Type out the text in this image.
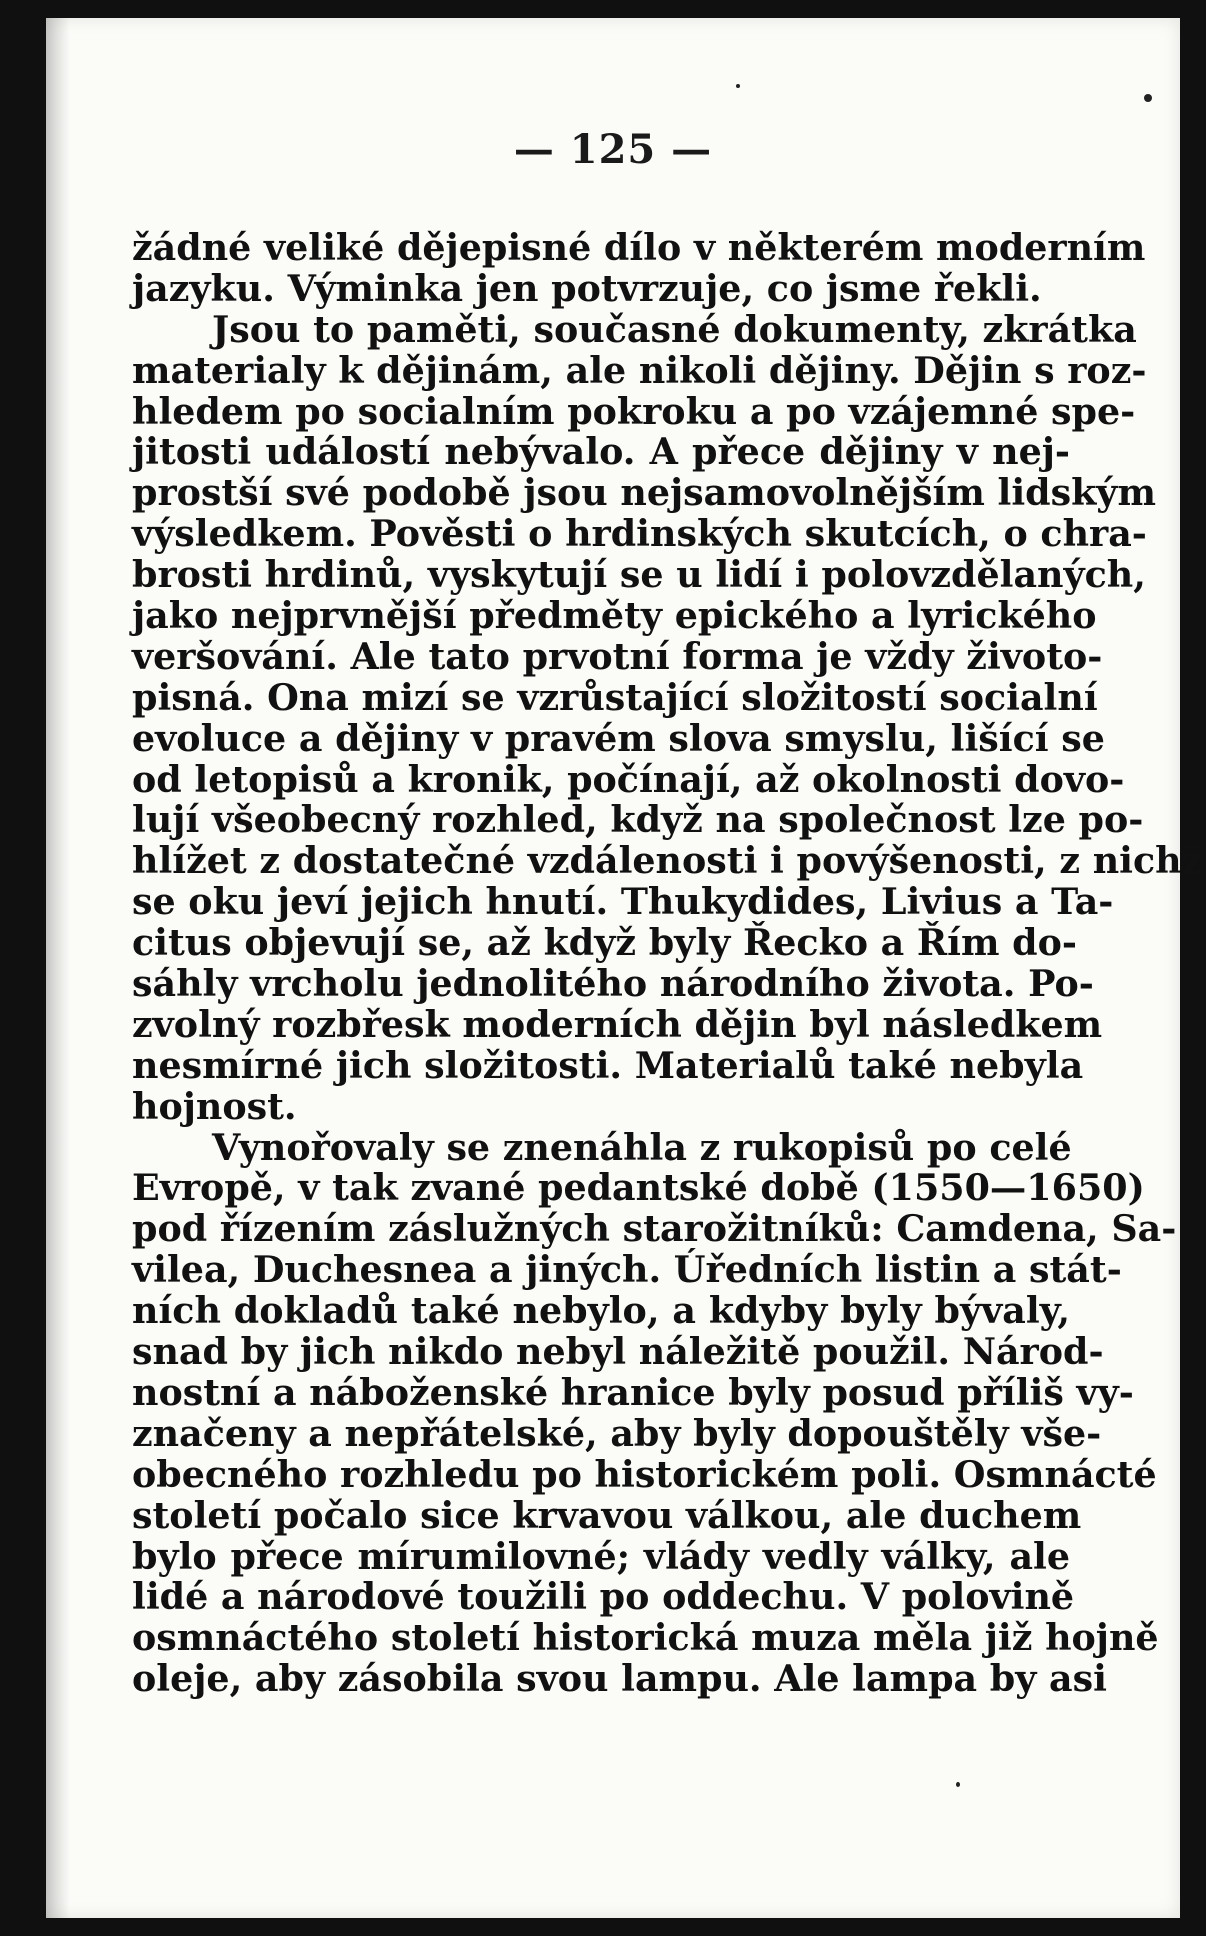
— 125 —
žádné veliké dějepisné dílo v některém moderním
jazyku. Výminka jen potvrzuje, co jsme řekli.
Jsou to paměti, současné dokumenty, zkrátka
materialy k dějinám, ale nikoli dějiny. Dějin s roz-
hledem po socialním pokroku a po vzájemné spe-
jitosti událostí nebývalo. A přece dějiny v nej-
prostší své podobě jsou nejsamovolnějším lidským
výsledkem. Pověsti o hrdinských skutcích, o chra-
brosti hrdinů, vyskytují se u lidí i polovzdělaných,
jako nejprvnější předměty epického a lyrického
veršování. Ale tato prvotní forma je vždy životo-
pisná. Ona mizí se vzrůstající složitostí socialní
evoluce a dějiny v pravém slova smyslu, lišící se
od letopisů a kronik, počínají, až okolnosti dovo-
lují všeobecný rozhled, když na společnost lze po-
hlížet z dostatečné vzdálenosti i povýšenosti, z nichž
se oku jeví jejich hnutí. Thukydides, Livius a Ta-
citus objevují se, až když byly Řecko a Řím do-
sáhly vrcholu jednolitého národního života. Po-
zvolný rozbřesk moderních dějin byl následkem
nesmírné jich složitosti. Materialů také nebyla
hojnost.
Vynořovaly se znenáhla z rukopisů po celé
Evropě, v tak zvané pedantské době (1550—1650)
pod řízením záslužných starožitníků: Camdena, Sa-
vilea, Duchesnea a jiných. Úředních listin a stát-
ních dokladů také nebylo, a kdyby byly bývaly,
snad by jich nikdo nebyl náležitě použil. Národ-
nostní a náboženské hranice byly posud příliš vy-
značeny a nepřátelské, aby byly dopouštěly vše-
obecného rozhledu po historickém poli. Osmnácté
století počalo sice krvavou válkou, ale duchem
bylo přece mírumilovné; vlády vedly války, ale
lidé a národové toužili po oddechu. V polovině
osmnáctého století historická muza měla již hojně
oleje, aby zásobila svou lampu. Ale lampa by asi
